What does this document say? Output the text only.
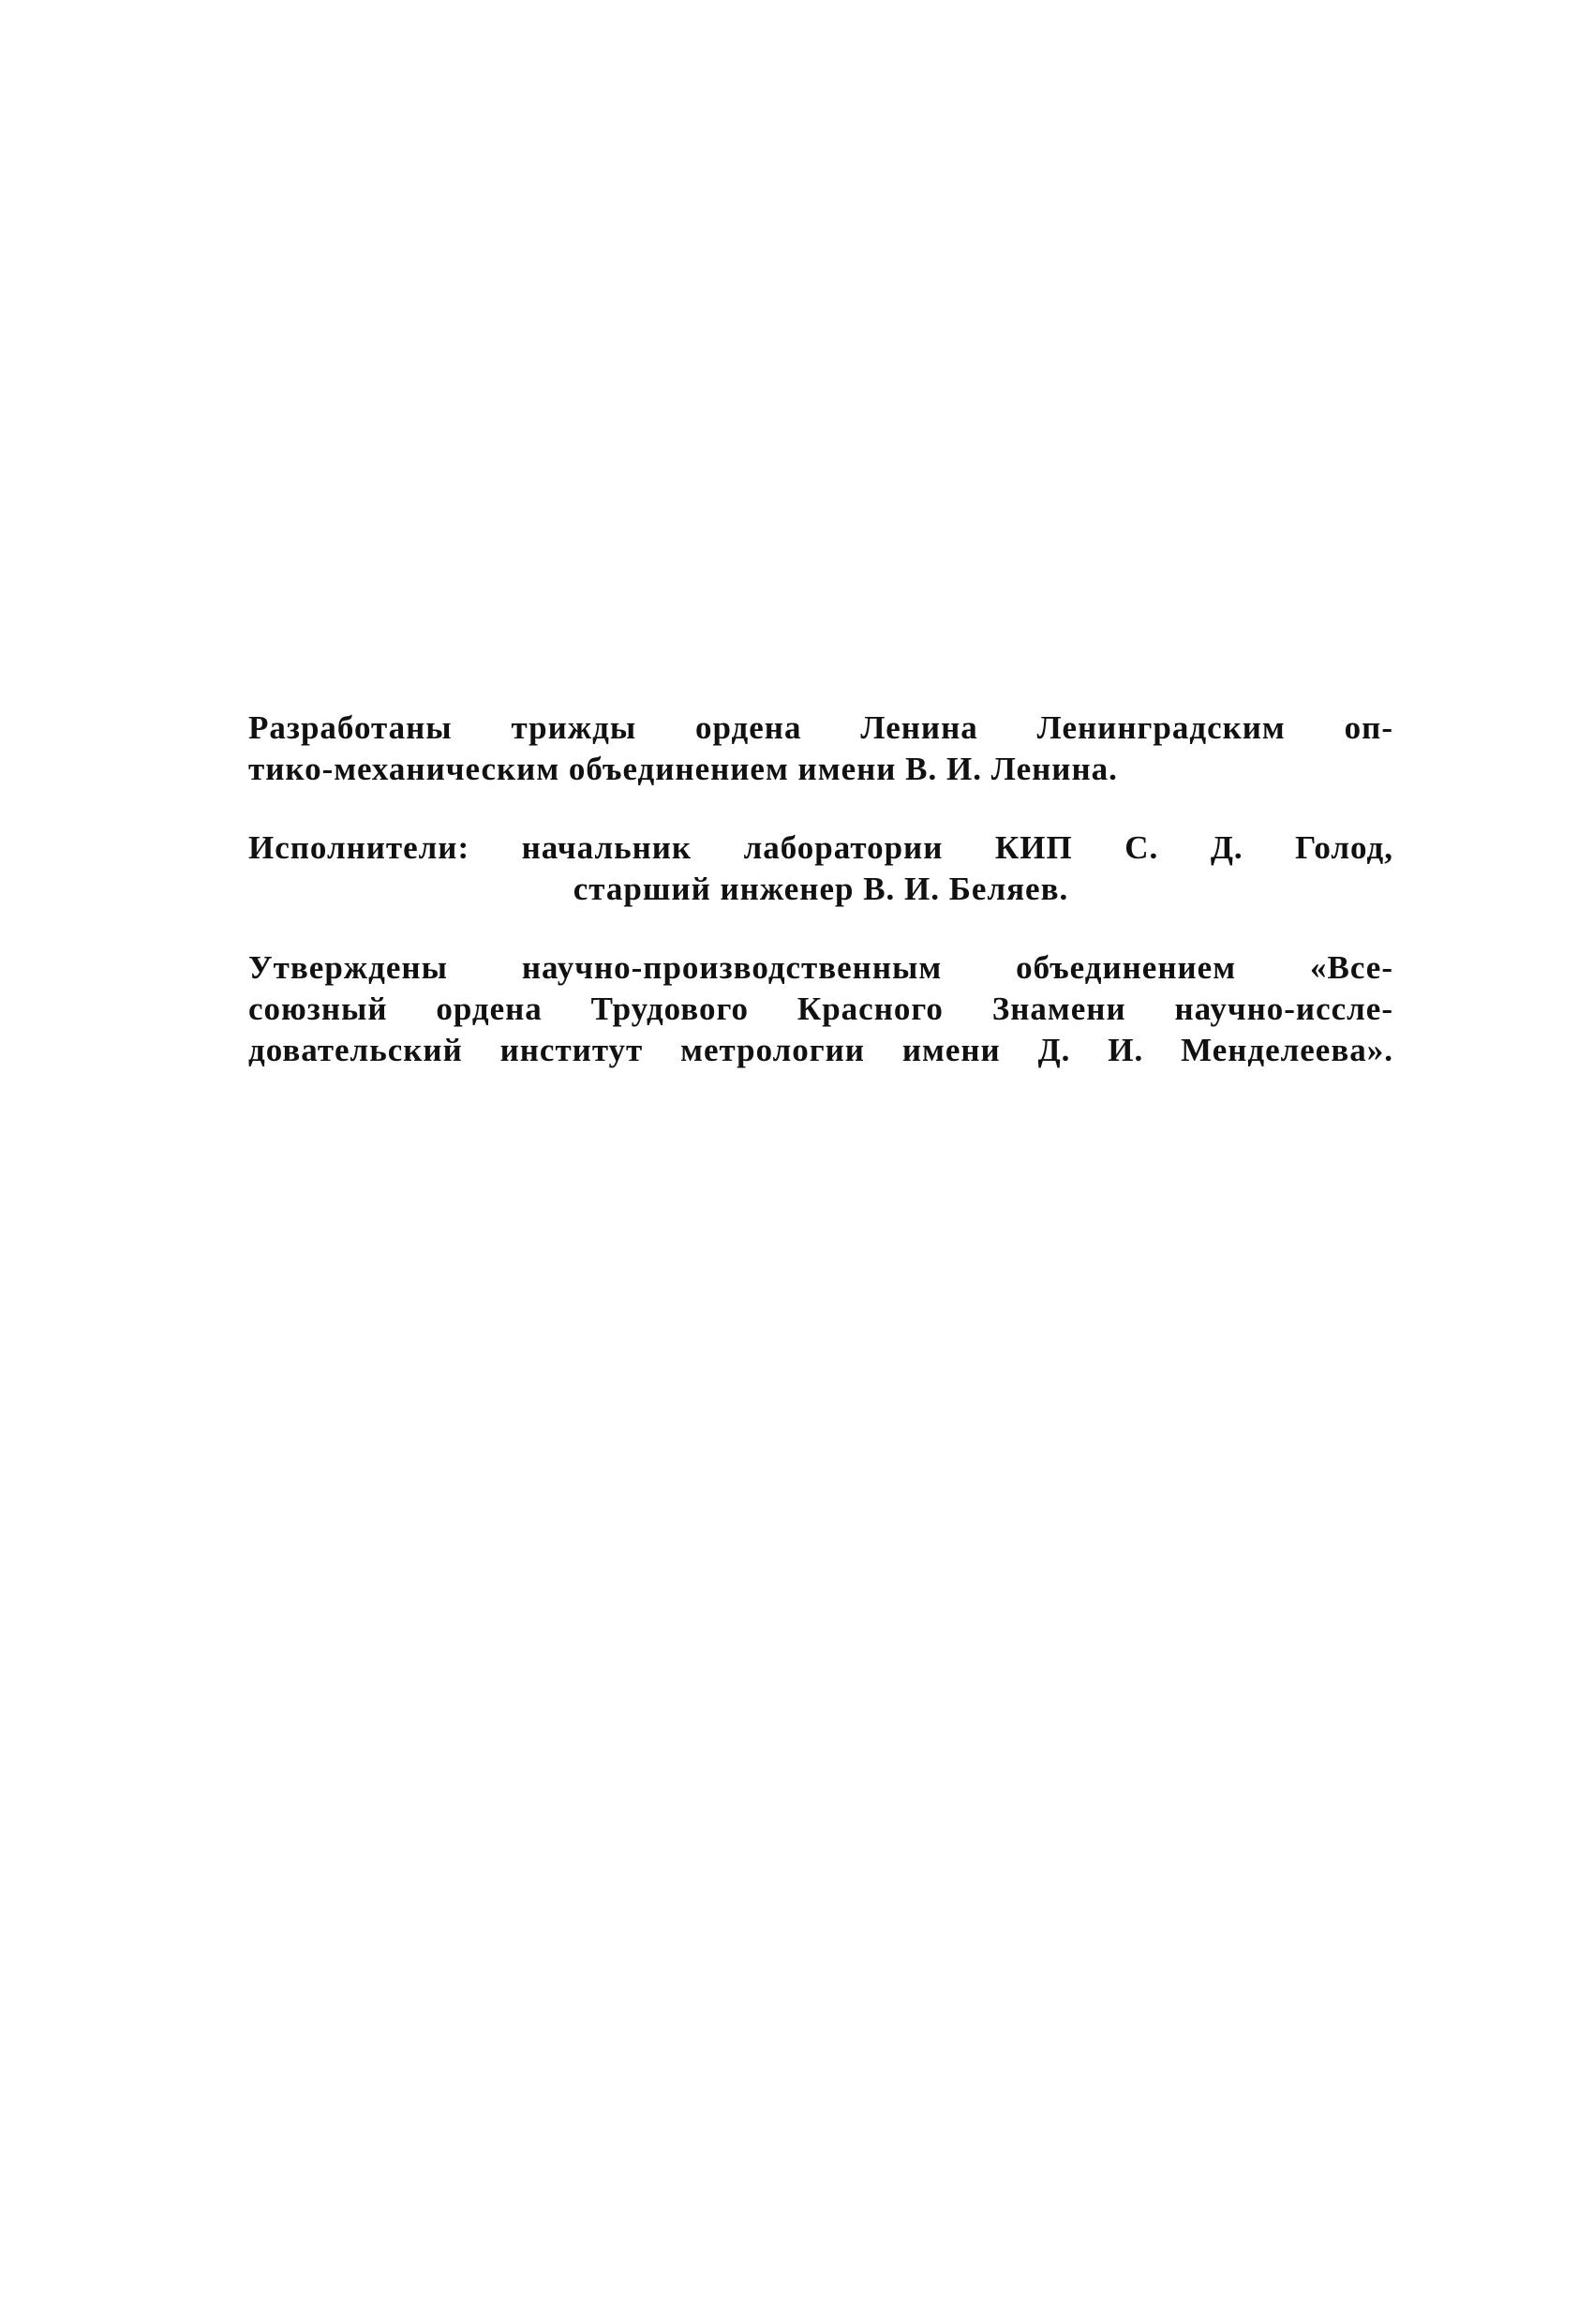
Разработаны трижды ордена Ленина Ленинградским оп-
тико-механическим объединением имени В. И. Ленина.

Исполнители: начальник лаборатории КИП С. Д. Голод,
старший инженер В. И. Беляев.

Утверждены научно-производственным объединением «Все-
союзный ордена Трудового Красного Знамени научно-иссле-
довательский институт метрологии имени Д. И. Менделеева».
